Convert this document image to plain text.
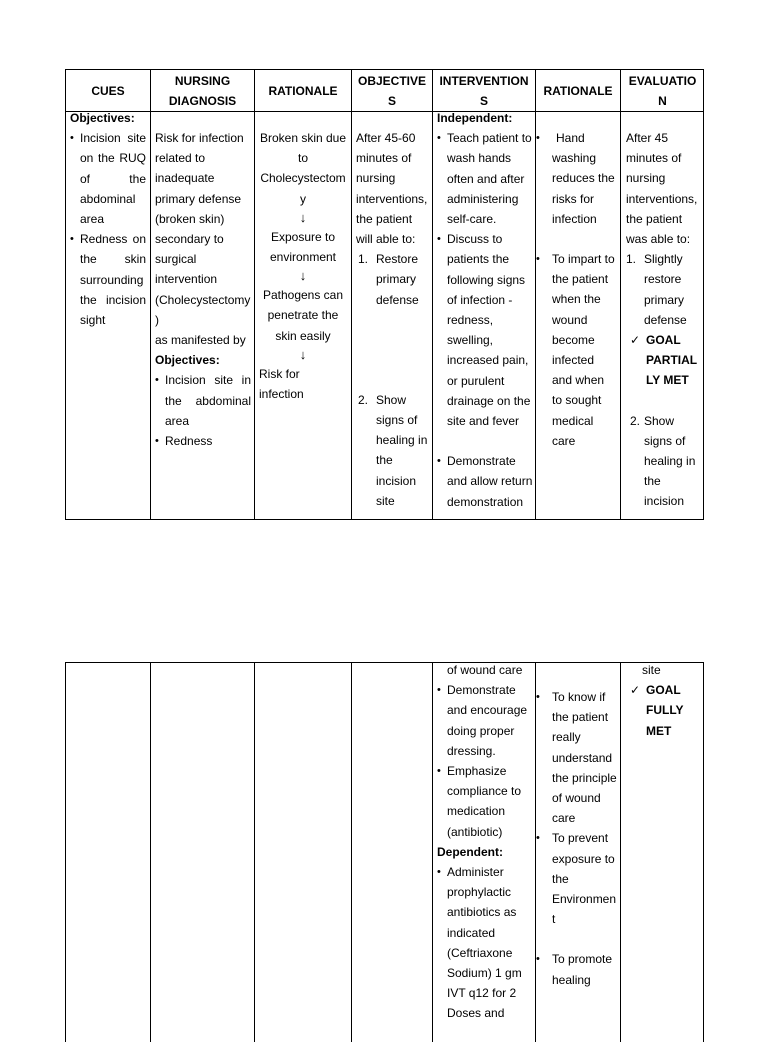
CUES
NURSING
DIAGNOSIS
RATIONALE
OBJECTIVE
S
INTERVENTION
S
RATIONALE
EVALUATIO
N

Objectives:

• Incision site
on the RUQ
of the
abdominal
area
• Redness on
the skin
surrounding
the incision
sight

Risk for infection

related to

inadequate

primary defense

(broken skin)

secondary to

surgical

intervention

(Cholecystectomy

)

as manifested by

Objectives:

• Incision site in
the abdominal
area
• Redness

Broken skin due

to

Cholecystectom

y

↓

Exposure to

environment

↓

Pathogens can

penetrate the

skin easily

↓

Risk for

infection

After 45-60

minutes of

nursing

interventions,

the patient

will able to:

1. Restore
primary
defense
2. Show
signs of
healing in
the
incision
site

Independent:

• Teach patient to
wash hands
often and after
administering
self-care.
• Discuss to
patients the
following signs
of infection -
redness,
swelling,
increased pain,
or purulent
drainage on the
site and fever
• Demonstrate
and allow return
demonstration
• Hand
washing
reduces the
risks for
infection
• To impart to
the patient
when the
wound
become
infected
and when
to sought
medical
care

After 45

minutes of

nursing

interventions,

the patient

was able to:

1. Slightly
restore
primary
defense
✓ GOAL
PARTIAL
LY MET
2. Show
signs of
healing in
the
incision

of wound care

• Demonstrate
and encourage
doing proper
dressing.
• Emphasize
compliance to
medication
(antibiotic)

Dependent:

• Administer
prophylactic
antibiotics as
indicated
(Ceftriaxone
Sodium) 1 gm
IVT q12 for 2
Doses and
• To know if
the patient
really
understand
the principle
of wound
care
• To prevent
exposure to
the
Environmen
t
• To promote
healing

site

✓ GOAL
FULLY
MET
